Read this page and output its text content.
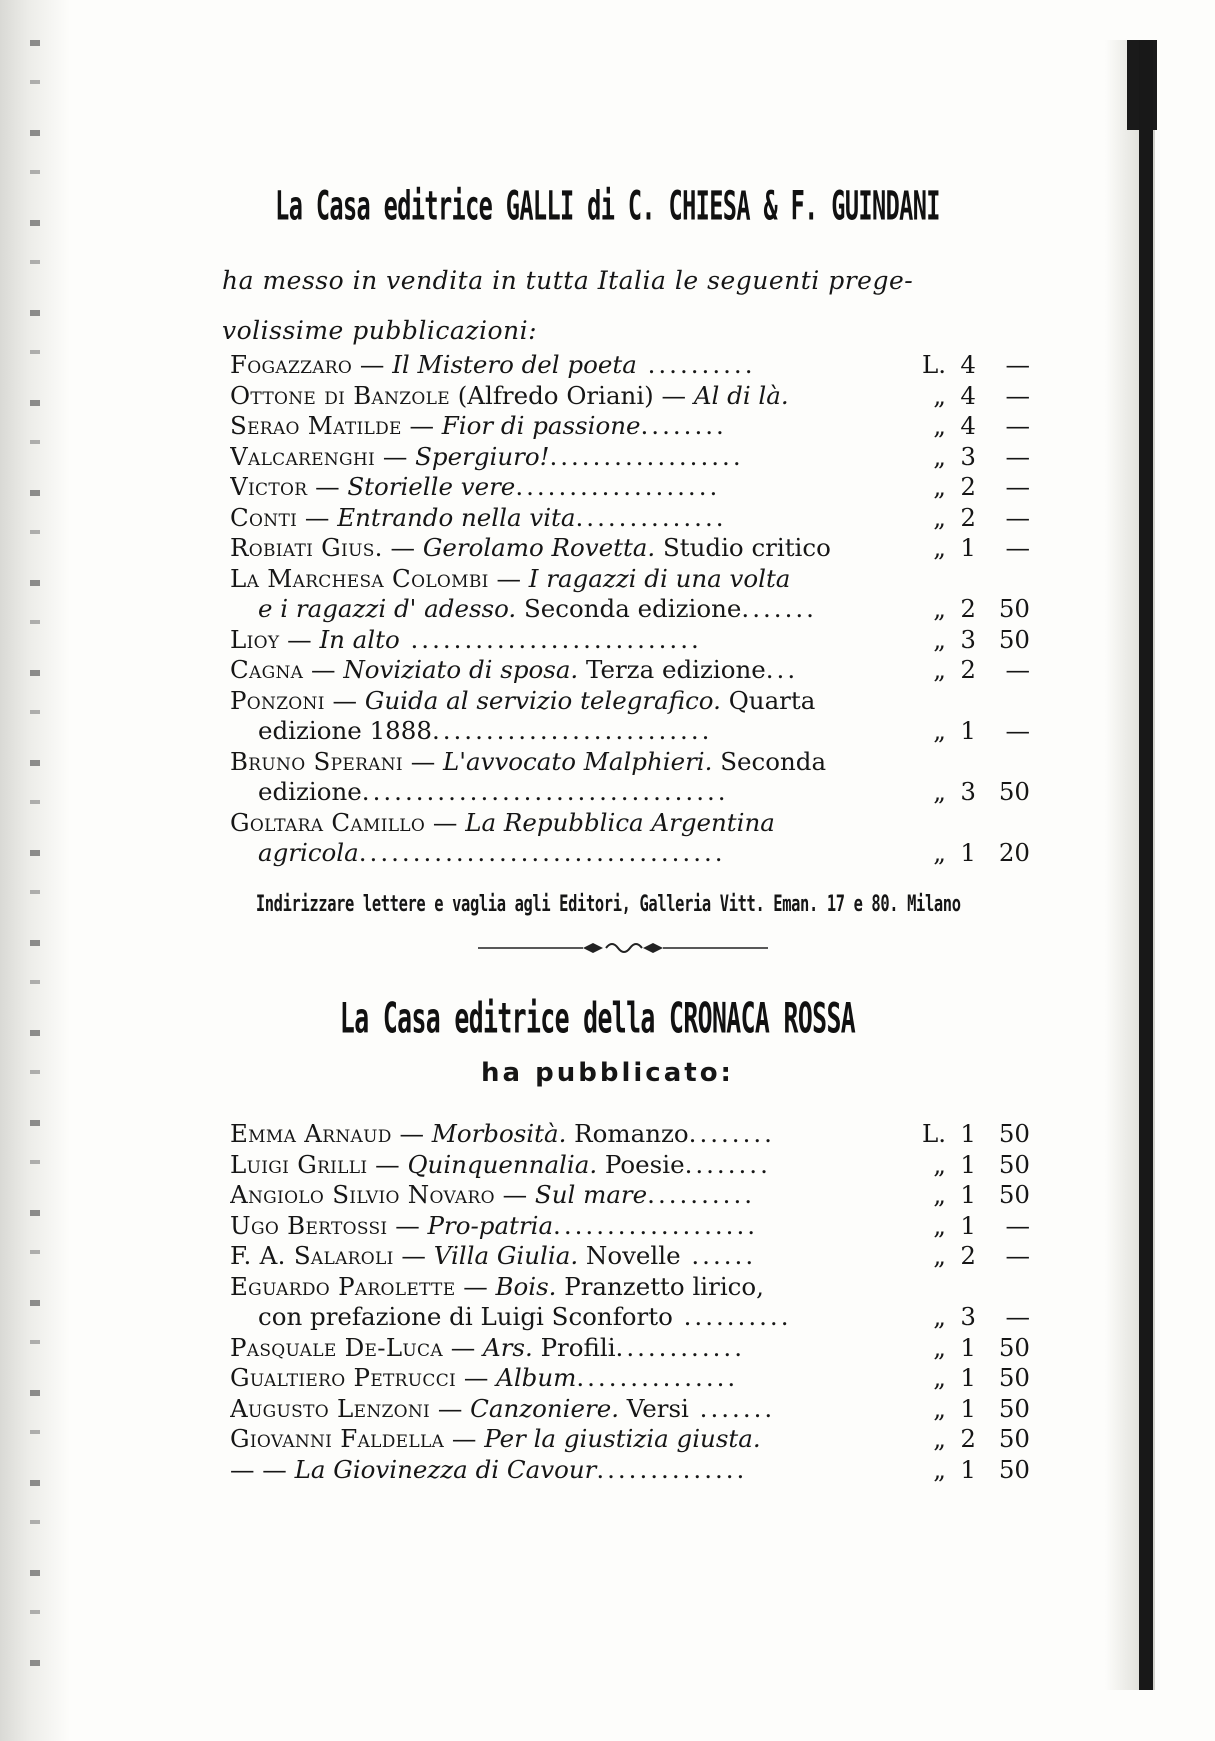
La Casa editrice GALLI di C. CHIESA & F. GUINDANI
ha messo in vendita in tutta Italia le seguenti prege-volissime pubblicazioni:
Fogazzaro — Il Mistero del poeta ..........	L. 4	—
Ottone di Banzole (Alfredo Oriani) — Al di là.	„ 4	—
Serao Matilde — Fior di passione........	„ 4	—
Valcarenghi — Spergiuro!..................	„ 3	—
Victor — Storielle vere...................	„ 2	—
Conti — Entrando nella vita..............	„ 2	—
Robiati Gius. — Gerolamo Rovetta. Studio critico	„ 1	—
La Marchesa Colombi — I ragazzi di una volta
e i ragazzi d' adesso. Seconda edizione.......	„ 2 50
Lioy — In alto ...........................	„ 3 50
Cagna — Noviziato di sposa. Terza edizione...	„ 2	—
Ponzoni — Guida al servizio telegrafico. Quarta
edizione 1888..........................	„ 1	—
Bruno Sperani — L'avvocato Malphieri. Seconda
edizione..................................	„ 3 50
Goltara Camillo — La Repubblica Argentina
agricola..................................	„ 1 20
Indirizzare lettere e vaglia agli Editori, Galleria Vitt. Eman. 17 e 80. Milano
La Casa editrice della CRONACA ROSSA
ha pubblicato:
Emma Arnaud — Morbosità. Romanzo........	L. 1 50
Luigi Grilli — Quinquennalia. Poesie........	„ 1 50
Angiolo Silvio Novaro — Sul mare..........	„ 1 50
Ugo Bertossi — Pro-patria...................	„ 1	—
F. A. Salaroli — Villa Giulia. Novelle ......	„ 2	—
Eguardo Parolette — Bois. Pranzetto lirico,
con prefazione di Luigi Sconforto ..........	„ 3	—
Pasquale De-Luca — Ars. Profili............	„ 1 50
Gualtiero Petrucci — Album...............	„ 1 50
Augusto Lenzoni — Canzoniere. Versi .......	„ 1 50
Giovanni Faldella — Per la giustizia giusta.	„ 2 50
— — La Giovinezza di Cavour..............	„ 1 50
